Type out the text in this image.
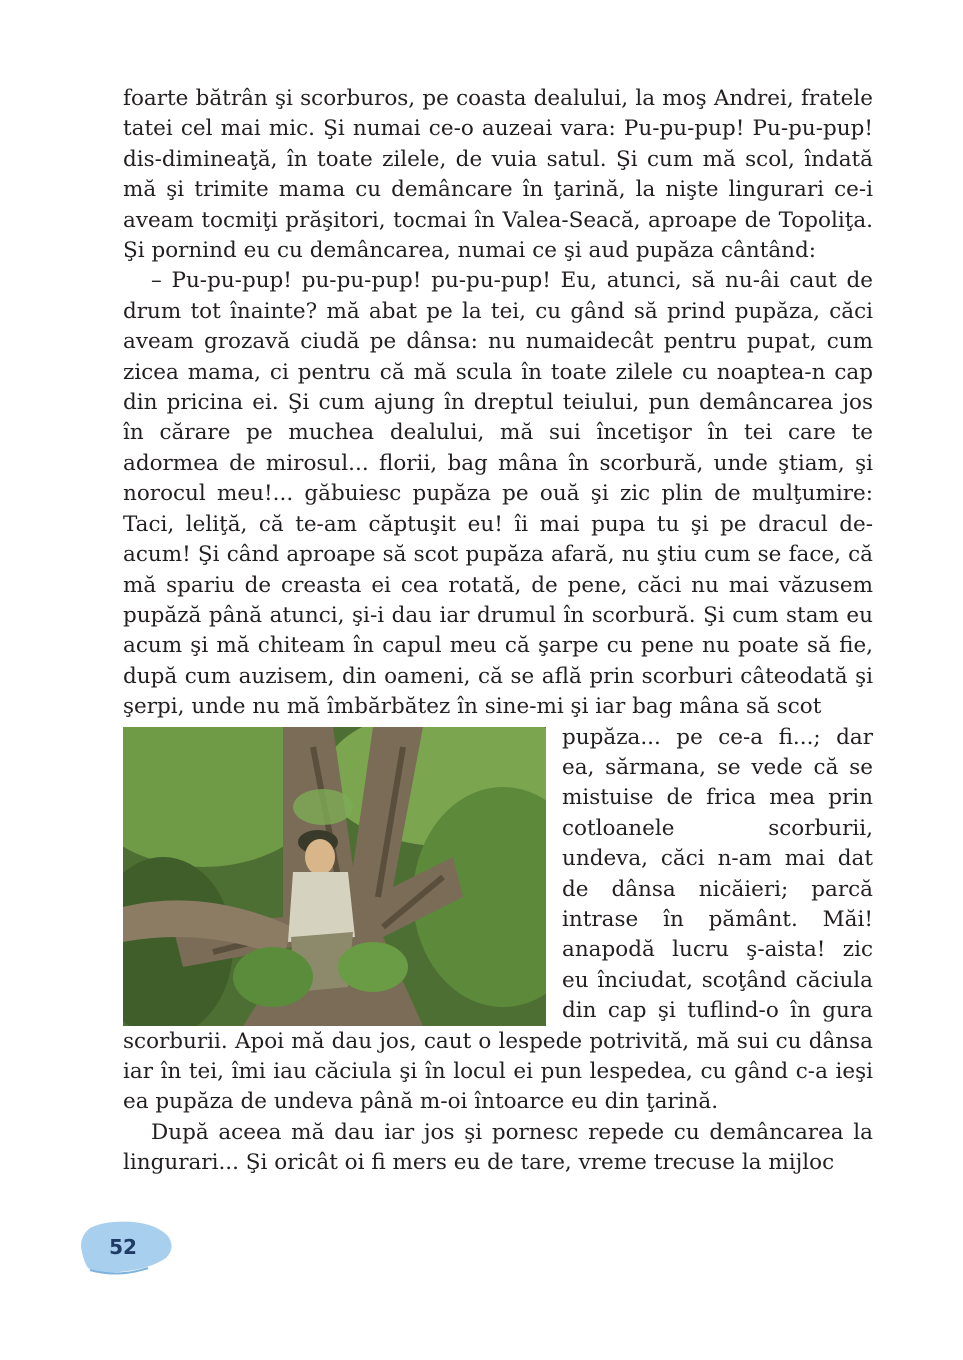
foarte bătrân şi scorburos, pe coasta dealului, la moş Andrei, fratele tatei cel mai mic. Şi numai ce-o auzeai vara: Pu-pu-pup! Pu-pu-pup! dis-dimineaţă, în toate zilele, de vuia satul. Şi cum mă scol, îndată mă şi trimite mama cu demâncare în ţarină, la nişte lingurari ce-i aveam tocmiţi prăşitori, tocmai în Valea-Seacă, aproape de Topoliţa. Şi pornind eu cu demâncarea, numai ce şi aud pupăza cântând:

– Pu-pu-pup! pu-pu-pup! pu-pu-pup! Eu, atunci, să nu-âi caut de drum tot înainte? mă abat pe la tei, cu gând să prind pupăza, căci aveam grozavă ciudă pe dânsa: nu numaidecât pentru pupat, cum zicea mama, ci pentru că mă scula în toate zilele cu noaptea-n cap din pricina ei. Şi cum ajung în dreptul teiului, pun demâncarea jos în cărare pe muchea dealului, mă sui încetişor în tei care te adormea de mirosul... florii, bag mâna în scorbură, unde ştiam, şi norocul meu!... găbuiesc pupăza pe ouă şi zic plin de mulţumire: Taci, leliţă, că te-am căptuşit eu! îi mai pupa tu şi pe dracul de-acum! Şi când aproape să scot pupăza afară, nu ştiu cum se face, că mă spariu de creasta ei cea rotată, de pene, căci nu mai văzusem pupăză până atunci, şi-i dau iar drumul în scorbură. Şi cum stam eu acum şi mă chiteam în capul meu că şarpe cu pene nu poate să fie, după cum auzisem, din oameni, că se află prin scorburi câteodată şi şerpi, unde nu mă îmbărbătez în sine-mi şi iar bag mâna să scot

pupăza... pe ce-a fi...; dar ea, sărmana, se vede că se mistuise de frica mea prin cotloanele scorburii, undeva, căci n-am mai dat de dânsa nicăieri; parcă intrase în pământ. Măi! anapodă lucru ş-aista! zic eu înciudat, scoţând căciula din cap şi tuflind-o în gura scorburii. Apoi mă dau jos, caut o lespede potrivită, mă sui cu dânsa iar în tei, îmi iau căciula şi în locul ei pun lespedea, cu gând c-a ieşi ea pupăza de undeva până m-oi întoarce eu din ţarină.

După aceea mă dau iar jos şi pornesc repede cu demâncarea la lingurari... Şi oricât oi fi mers eu de tare, vreme trecuse la mijloc

52
